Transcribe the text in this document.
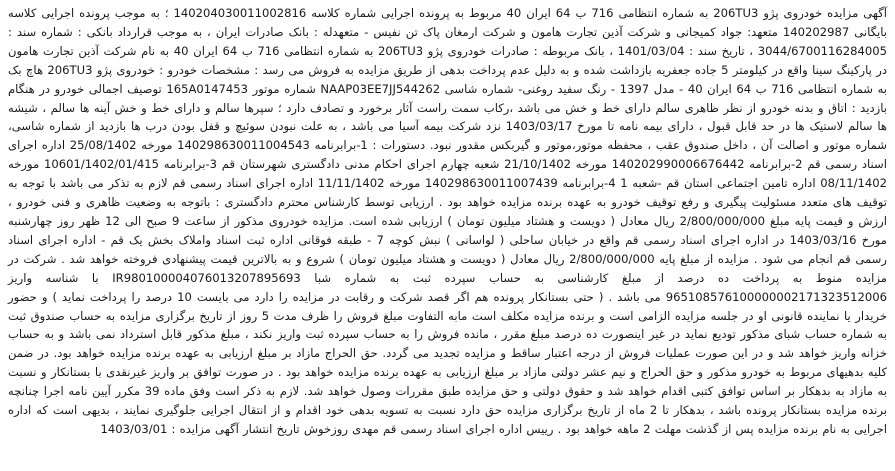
آگهی مزایده خودروی پژو 206TU3 به شماره انتظامی 716 ب 64 ایران 40 مربوط به پرونده اجرایی شماره کلاسه 140204030011002816 ؛ به موجب پرونده اجرایی کلاسه بایگانی 140202987 متعهد: جواد کمیجانی و شرکت آذین تجارت هامون و شرکت ارمغان پاک تن نفیس - متعهدله : بانک صادرات ایران ، به موجب قرارداد بانکی : شماره سند : 3044/6700116284005 ، تاریخ سند : 1401/03/04 ، بانک مربوطه : صادرات خودروی پژو 206TU3 به شماره انتظامی 716 ب 64 ایران 40 به نام شرکت آذین تجارت هامون در پارکینگ سینا واقع در کیلومتر 5 جاده جعفریه بازداشت شده و به دلیل عدم پرداخت بدهی از طریق مزایده به فروش می رسد : مشخصات خودرو : خودروی پژو 206TU3 هاچ بک به شماره انتظامی 716 ب 64 ایران 40 - مدل 1397 - رنگ سفید روغنی- شماره شاسی NAAP03EE7JJ544262 شماره موتور 165A0147453 توصیف اجمالی خودرو در هنگام بازدید : اتاق و بدنه خودرو از نظر ظاهری سالم دارای خط و خش می باشد ،رکاب سمت راست آثار برخورد و تصادف دارد ؛ سپرها سالم و دارای خط و خش آینه ها سالم ، شیشه ها سالم لاستیک ها در حد قابل قبول ، دارای بیمه نامه تا مورخ 1403/03/17 نزد شرکت بیمه آسیا می باشد ، به علت نبودن سوئیچ و قفل بودن درب ها بازدید از شماره شاسی، شماره موتور و اصالت آن ، داخل صندوق عقب ، محفظه موتور،موتور و گیربکس مقدور نبود. دستورات : 1-برابرنامه 140298630011004543 مورخه 25/08/1402 اداره اجرای اسناد رسمی قم 2-برابرنامه 140202990006676442 مورخه 21/10/1402 شعبه چهارم اجرای احکام مدنی دادگستری شهرستان قم 3-برابرنامه 10601/1402/01/415 مورخه 08/11/1402 اداره تامین اجتماعی استان قم -شعبه 1 4-برابرنامه 140298630011007439 مورخه 11/11/1402 اداره اجرای اسناد رسمی قم لازم به تذکر می باشد با توجه به توقیف های متعدد مسئولیت پیگیری و رفع توقیف خودرو به عهده برنده مزایده خواهد بود . ارزیابی توسط کارشناس محترم دادگستری : باتوجه به وضعیت ظاهری و فنی خودرو ، ارزش و قیمت پایه مبلغ 2/800/000/000 ریال معادل ( دویست و هشتاد میلیون تومان ) ارزیابی شده است. مزایده خودروی مذکور از ساعت 9 صبح الی 12 ظهر روز چهارشنبه مورخ 1403/03/16 در اداره اجرای اسناد رسمی قم واقع در خیابان ساحلی ( لواسانی ) نبش کوچه 7 - طبقه فوقانی اداره ثبت اسناد واملاک بخش یک قم - اداره اجرای اسناد رسمی قم انجام می شود . مزایده از مبلغ پایه 2/800/000/000 ریال معادل ( دویست و هشتاد میلیون تومان ) شروع و به بالاترین قیمت پیشنهادی فروخته خواهد شد . شرکت در مزایده منوط به پرداخت ده درصد از مبلغ کارشناسی به حساب سپرده ثبت به شماره شبا IR980100004076013207895693 با شناسه واریز 965108576100000002171323512006 می باشد . ( حتی بستانکار پرونده هم اگر قصد شرکت و رقابت در مزایده را دارد می بایست 10 درصد را پرداخت نماید ) و حضور خریدار یا نماینده قانونی او در جلسه مزایده الزامی است و برنده مزایده مکلف است مابه التفاوت مبلغ فروش را ظرف مدت 5 روز از تاریخ برگزاری مزایده به حساب صندوق ثبت به شماره حساب شبای مذکور تودیع نماید در غیر اینصورت ده درصد مبلغ مقرر ، مانده فروش را به حساب سپرده ثبت واریز نکند ، مبلغ مذکور قابل استرداد نمی باشد و به حساب خزانه واریز خواهد شد و در این صورت عملیات فروش از درجه اعتبار ساقط و مزایده تجدید می گردد. حق الحراج مازاد بر مبلغ ارزیابی به عهده برنده مزایده خواهد بود. در ضمن کلیه بدهیهای مربوط به خودرو مذکور و حق الحراج و نیم عشر دولتی مازاد بر مبلغ ارزیابی به عهده برنده مزایده خواهد بود . در صورت توافق بر واریز غیرنقدی با بستانکار و نسبت به مازاد به بدهکار بر اساس توافق کتبی اقدام خواهد شد و حقوق دولتی و حق مزایده طبق مقررات وصول خواهد شد. لازم به ذکر است وفق ماده 39 مکرر آیین نامه اجرا چنانچه برنده مزایده بستانکار پرونده باشد ، بدهکار تا 2 ماه از تاریخ برگزاری مزایده حق دارد نسبت به تسویه بدهی خود اقدام و از انتقال اجرایی جلوگیری نمایند ، بدیهی است که اداره اجرایی به نام برنده مزایده پس از گذشت مهلت 2 ماهه خواهد بود . رییس اداره اجرای اسناد رسمی قم مهدی روزخوش تاریخ انتشار آگهی مزایده : 1403/03/01
